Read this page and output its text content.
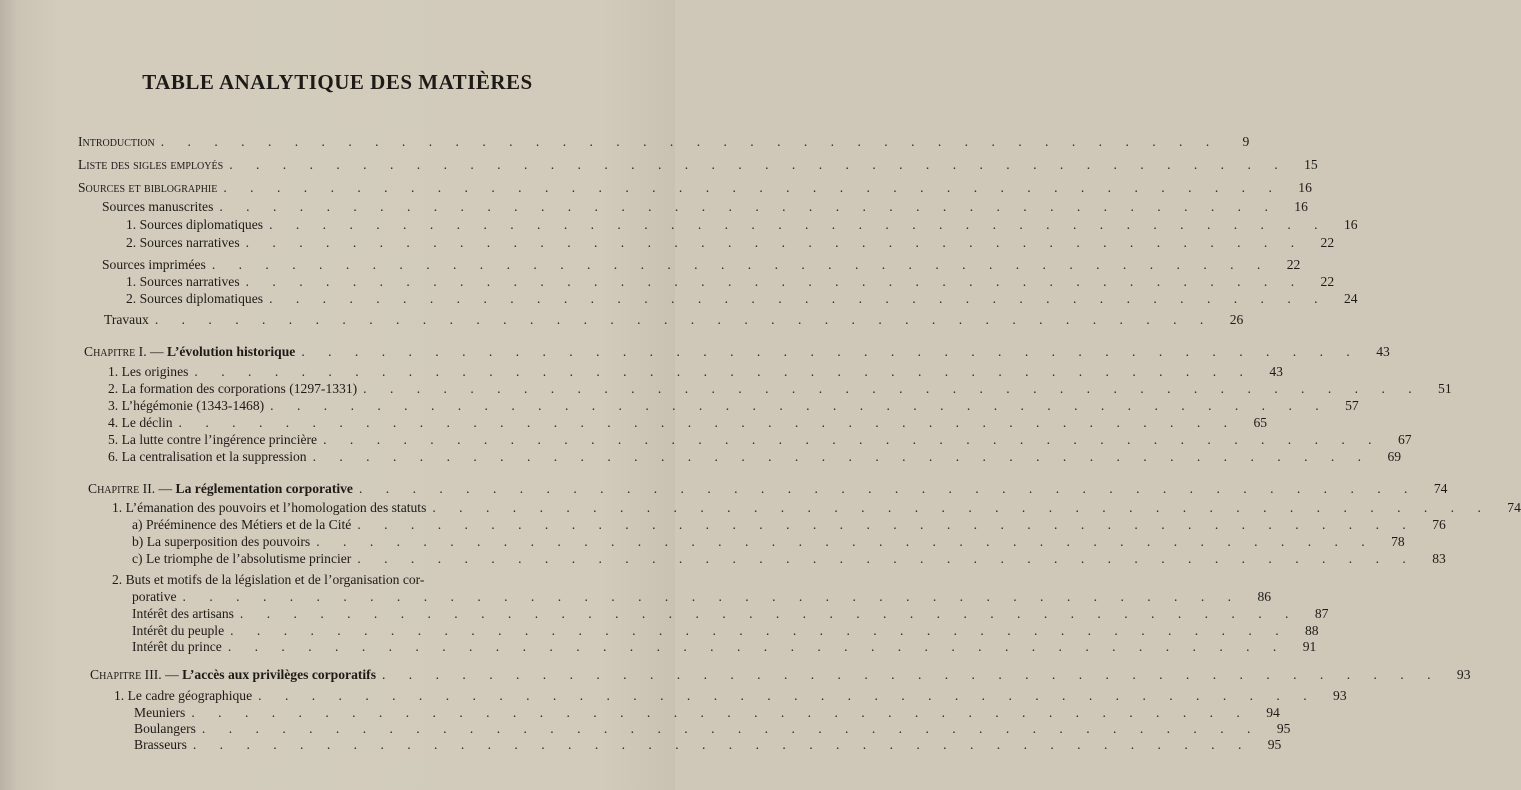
TABLE ANALYTIQUE DES MATIÈRES
Introduction . . . . . . . . . . . . . . . . . . . . . . . . . . . . . . . . . . . . . . . .	9
Liste des sigles employés . . . . . . . . . . . . . . . . . . . . . . . . . . . . . . . . . . . . . . . .	15
Sources et biblographie . . . . . . . . . . . . . . . . . . . . . . . . . . . . . . . . . . . . . . . .	16
Sources manuscrites . . . . . . . . . . . . . . . . . . . . . . . . . . . . . . . . . . . . . . . .	16
1. Sources diplomatiques . . . . . . . . . . . . . . . . . . . . . . . . . . . . . . . . . . . . . . . .	16
2. Sources narratives . . . . . . . . . . . . . . . . . . . . . . . . . . . . . . . . . . . . . . . .	22
Sources imprimées . . . . . . . . . . . . . . . . . . . . . . . . . . . . . . . . . . . . . . . .	22
1. Sources narratives . . . . . . . . . . . . . . . . . . . . . . . . . . . . . . . . . . . . . . . .	22
2. Sources diplomatiques . . . . . . . . . . . . . . . . . . . . . . . . . . . . . . . . . . . . . . . .	24
Travaux . . . . . . . . . . . . . . . . . . . . . . . . . . . . . . . . . . . . . . . .	26
Chapitre I. — L’évolution historique . . . . . . . . . . . . . . . . . . . . . . . . . . . . . . . . . . . . . . . .	43
1. Les origines . . . . . . . . . . . . . . . . . . . . . . . . . . . . . . . . . . . . . . . .	43
2. La formation des corporations (1297-1331) . . . . . . . . . . . . . . . . . . . . . . . . . . . . . . . . . . . . . . . .	51
3. L’hégémonie (1343-1468) . . . . . . . . . . . . . . . . . . . . . . . . . . . . . . . . . . . . . . . .	57
4. Le déclin . . . . . . . . . . . . . . . . . . . . . . . . . . . . . . . . . . . . . . . .	65
5. La lutte contre l’ingérence princière . . . . . . . . . . . . . . . . . . . . . . . . . . . . . . . . . . . . . . . .	67
6. La centralisation et la suppression . . . . . . . . . . . . . . . . . . . . . . . . . . . . . . . . . . . . . . . .	69
Chapitre II. — La réglementation corporative . . . . . . . . . . . . . . . . . . . . . . . . . . . . . . . . . . . . . . . .	74
1. L’émanation des pouvoirs et l’homologation des statuts . . . . . . . . . . . . . . . . . . . . . . . . . . . . . . . . . . . . . . . .	74
a) Prééminence des Métiers et de la Cité . . . . . . . . . . . . . . . . . . . . . . . . . . . . . . . . . . . . . . . .	76
b) La superposition des pouvoirs . . . . . . . . . . . . . . . . . . . . . . . . . . . . . . . . . . . . . . . .	78
c) Le triomphe de l’absolutisme princier . . . . . . . . . . . . . . . . . . . . . . . . . . . . . . . . . . . . . . . .	83
2. Buts et motifs de la législation et de l’organisation cor-
porative . . . . . . . . . . . . . . . . . . . . . . . . . . . . . . . . . . . . . . . .	86
Intérêt des artisans . . . . . . . . . . . . . . . . . . . . . . . . . . . . . . . . . . . . . . . .	87
Intérêt du peuple . . . . . . . . . . . . . . . . . . . . . . . . . . . . . . . . . . . . . . . .	88
Intérêt du prince . . . . . . . . . . . . . . . . . . . . . . . . . . . . . . . . . . . . . . . .	91
Chapitre III. — L’accès aux privilèges corporatifs . . . . . . . . . . . . . . . . . . . . . . . . . . . . . . . . . . . . . . . .	93
1. Le cadre géographique . . . . . . . . . . . . . . . . . . . . . . . . . . . . . . . . . . . . . . . .	93
Meuniers . . . . . . . . . . . . . . . . . . . . . . . . . . . . . . . . . . . . . . . .	94
Boulangers . . . . . . . . . . . . . . . . . . . . . . . . . . . . . . . . . . . . . . . .	95
Brasseurs . . . . . . . . . . . . . . . . . . . . . . . . . . . . . . . . . . . . . . . .	95
